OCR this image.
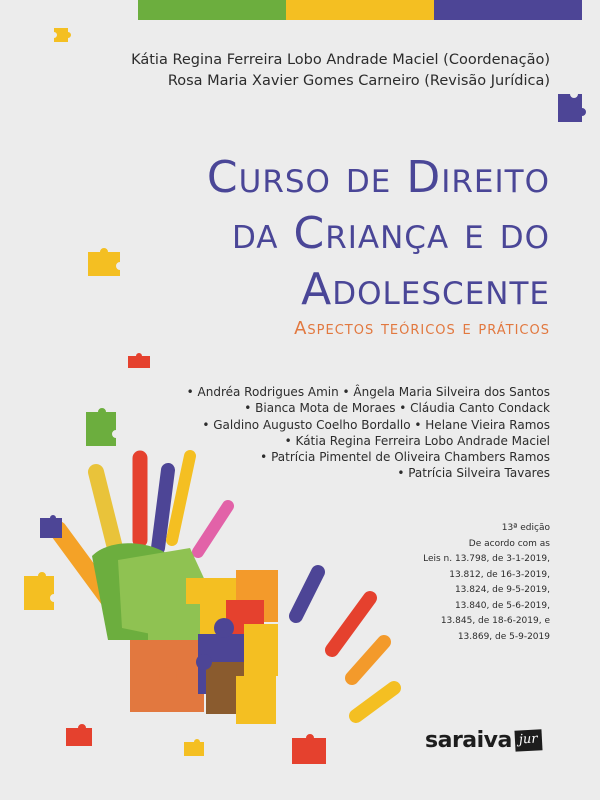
Kátia Regina Ferreira Lobo Andrade Maciel (Coordenação)
Rosa Maria Xavier Gomes Carneiro (Revisão Jurídica)
Curso de Direito
da Criança e do
Adolescente
Aspectos teóricos e práticos
• Andréa Rodrigues Amin • Ângela Maria Silveira dos Santos
• Bianca Mota de Moraes • Cláudia Canto Condack
• Galdino Augusto Coelho Bordallo • Helane Vieira Ramos
• Kátia Regina Ferreira Lobo Andrade Maciel
• Patrícia Pimentel de Oliveira Chambers Ramos
• Patrícia Silveira Tavares
13ª edição
De acordo com as
Leis n. 13.798, de 3-1-2019,
13.812, de 16-3-2019,
13.824, de 9-5-2019,
13.840, de 5-6-2019,
13.845, de 18-6-2019, e
13.869, de 5-9-2019
saraiva jur
